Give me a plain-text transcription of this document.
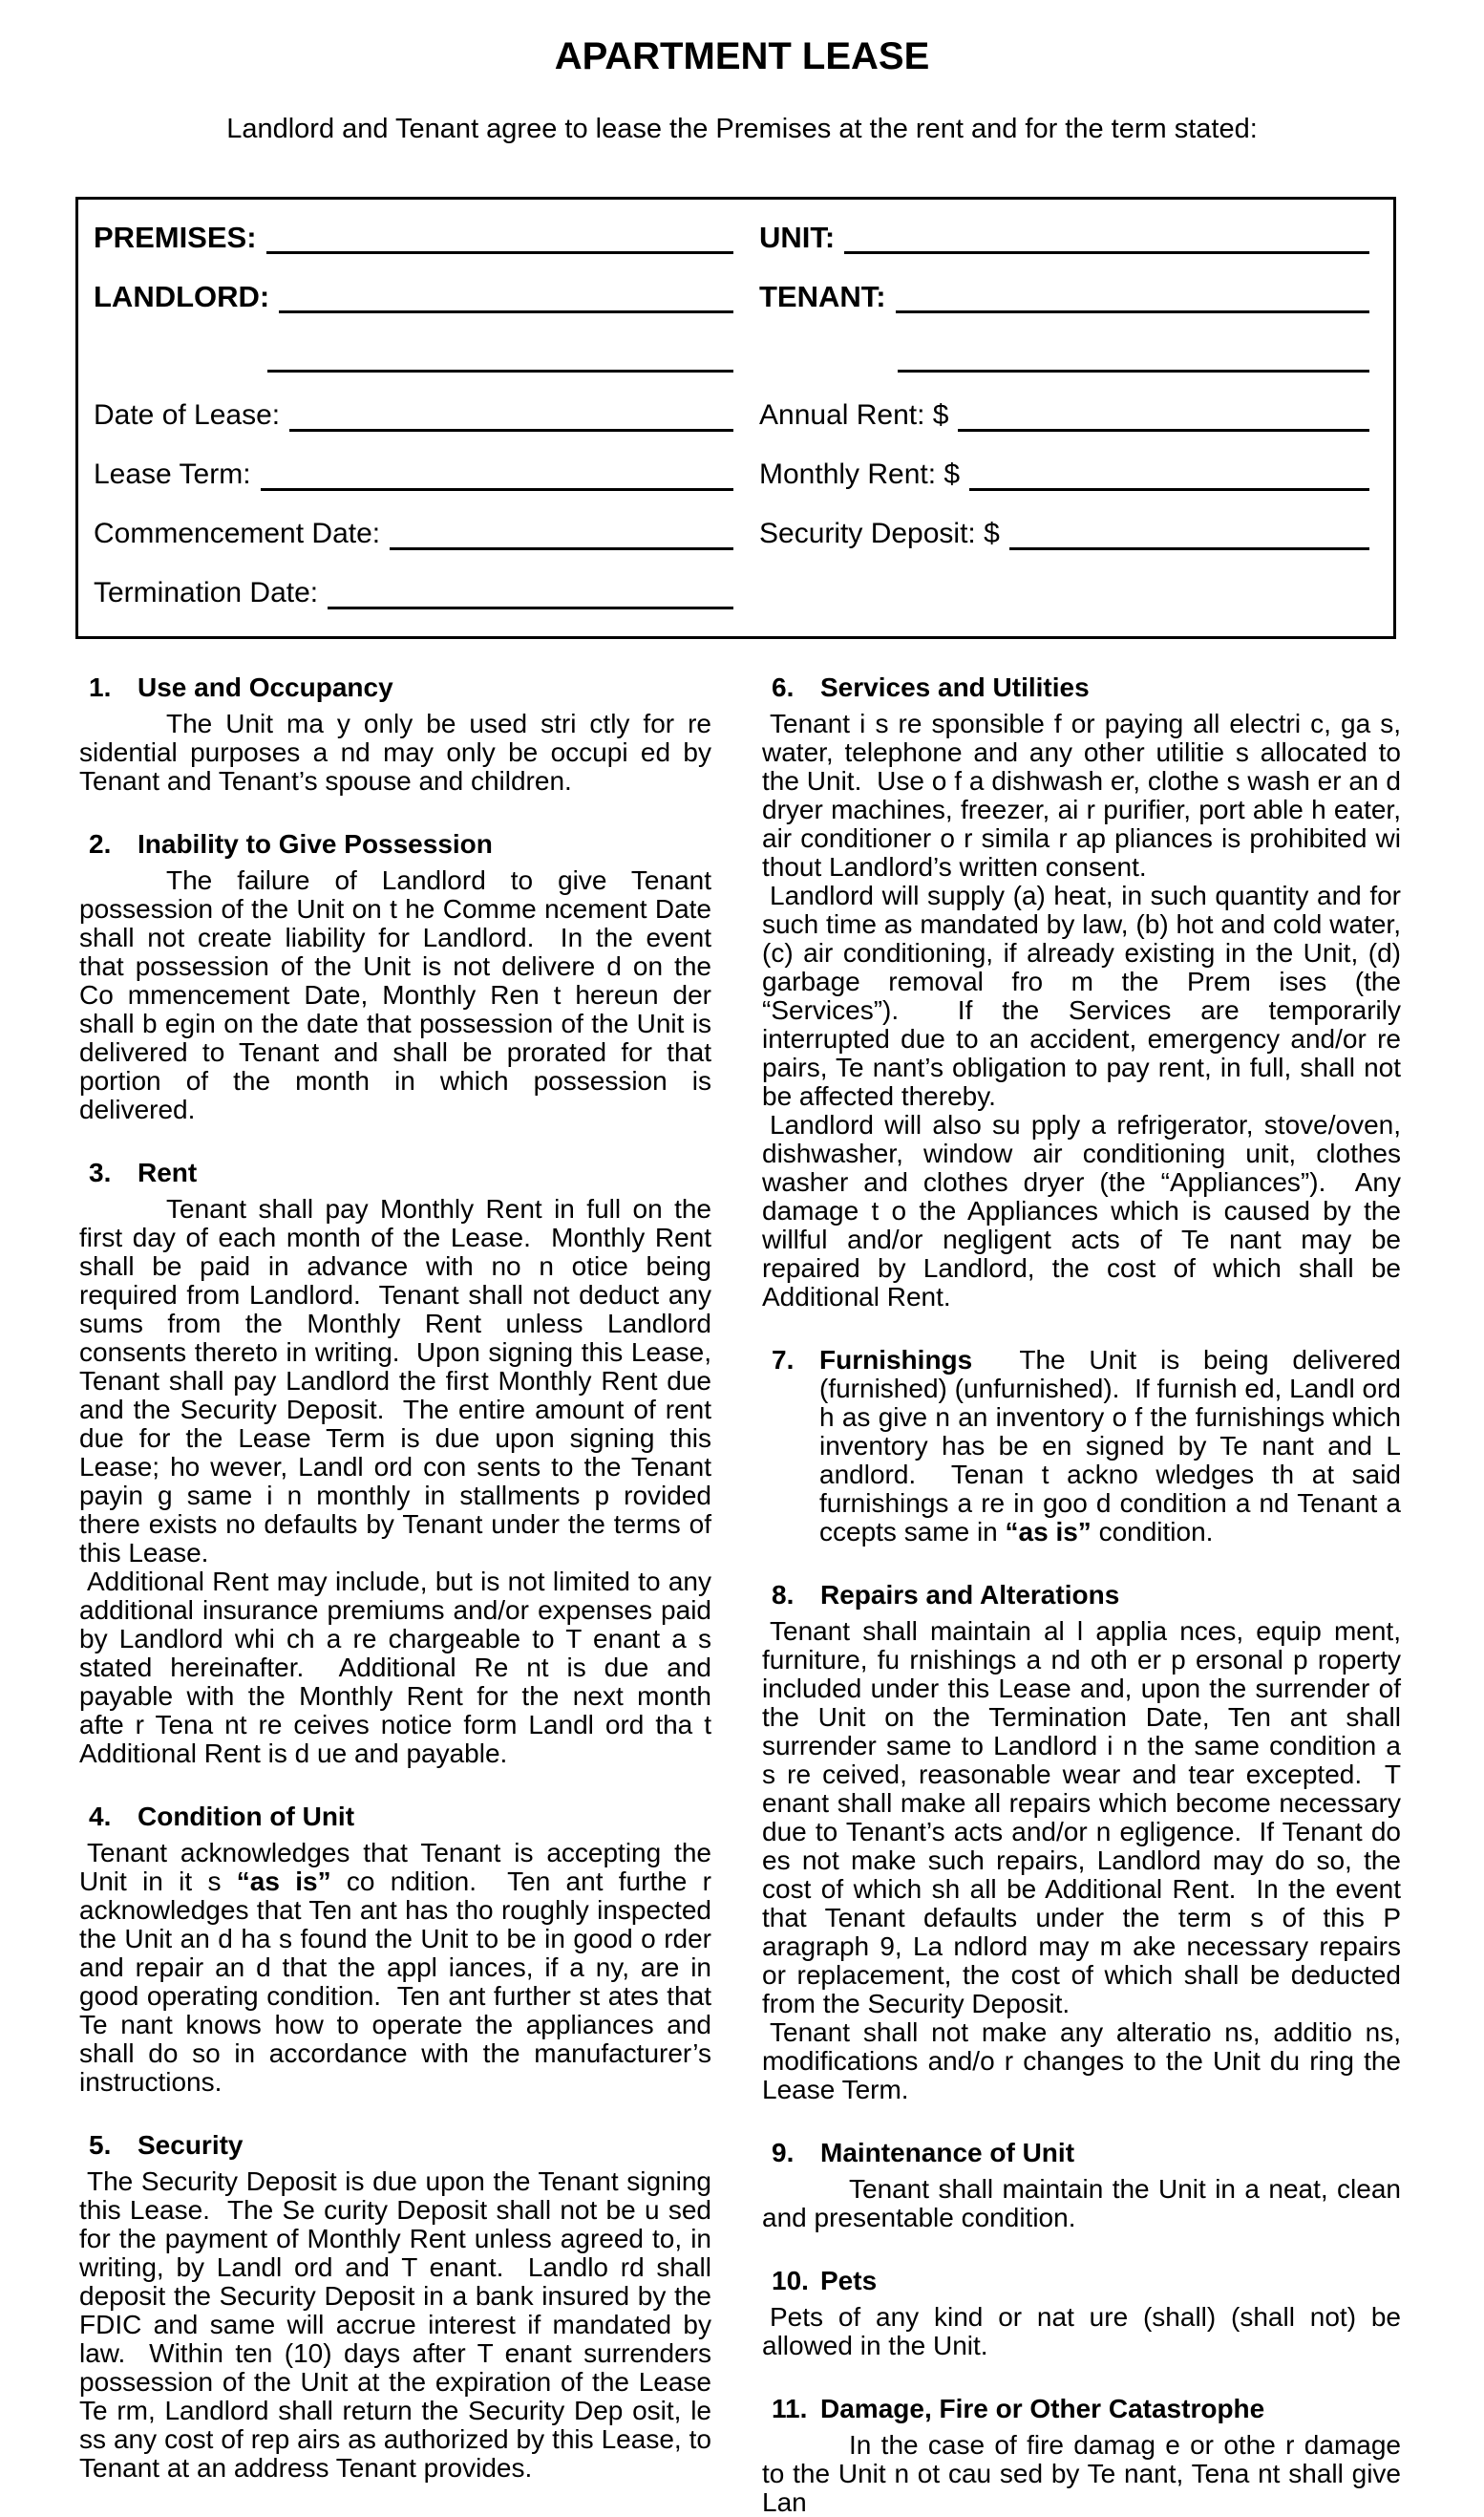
APARTMENT LEASE

Landlord and Tenant agree to lease the Premises at the rent and for the term stated:

PREMISES:	UNIT:
LANDLORD:	TENANT:
Date of Lease:	Annual Rent: $
Lease Term:	Monthly Rent: $
Commencement Date:	Security Deposit: $
Termination Date:
1. Use and Occupancy

The Unit ma y only be used stri ctly for re sidential purposes a nd may only be occupi ed by Tenant and Tenant’s spouse and children.

2. Inability to Give Possession

The failure of Landlord to give Tenant possession of the Unit on t he Comme ncement Date shall not create liability for Landlord.  In the event that possession of the Unit is not delivere d on the Co mmencement Date, Monthly Ren t hereun der shall b egin on the date that possession of the Unit is delivered to Tenant and shall be prorated for that portion of the month in which possession is delivered.

3. Rent

Tenant shall pay Monthly Rent in full on the first day of each month of the Lease.  Monthly Rent shall be paid in advance with no n otice being required from Landlord.  Tenant shall not deduct any sums from the Monthly Rent unless Landlord consents thereto in writing.  Upon signing this Lease, Tenant shall pay Landlord the first Monthly Rent due and the Security Deposit.  The entire amount of rent due for the Lease Term is due upon signing this Lease; ho wever, Landl ord con sents to the Tenant payin g same i n monthly in stallments p rovided there exists no defaults by Tenant under the terms of this Lease.

Additional Rent may include, but is not limited to any additional insurance premiums and/or expenses paid by Landlord whi ch a re chargeable to T enant a s stated hereinafter.  Additional Re nt is due and payable with the Monthly Rent for the next month afte r Tena nt re ceives notice form Landl ord tha t Additional Rent is d ue and payable.

4. Condition of Unit

Tenant acknowledges that Tenant is accepting the Unit in it s “as is” co ndition.  Ten ant furthe r acknowledges that Ten ant has tho roughly inspected the Unit an d ha s found the Unit to be in good o rder and repair an d that the appl iances, if a ny, are in good operating condition.  Ten ant further st ates that Te nant knows how to operate the appliances and shall do so in accordance with the manufacturer’s instructions.

5. Security

The Security Deposit is due upon the Tenant signing this Lease.  The Se curity Deposit shall not be u sed for the payment of Monthly Rent unless agreed to, in writing, by Landl ord and T enant.  Landlo rd shall deposit the Security Deposit in a bank insured by the FDIC and same will accrue interest if mandated by law.  Within ten (10) days after T enant surrenders possession of the Unit at the expiration of the Lease Te rm, Landlord shall return the Security Dep osit, le ss any cost of rep airs as authorized by this Lease, to Tenant at an address Tenant provides.

6. Services and Utilities

Tenant i s re sponsible f or paying all electri c, ga s, water, telephone and any other utilitie s allocated to the Unit.  Use o f a dishwash er, clothe s wash er an d dryer machines, freezer, ai r purifier, port able h eater, air conditioner o r simila r ap pliances is prohibited wi thout Landlord’s written consent.

Landlord will supply (a) heat, in such quantity and for such time as mandated by law, (b) hot and cold water, (c) air conditioning, if already existing in the Unit, (d) garbage removal fro m the Prem ises (the “Services”).  If the Services are temporarily interrupted due to an accident, emergency and/or re pairs, Te nant’s obligation to pay rent, in full, shall not be affected thereby.

Landlord will also su pply a refrigerator, stove/oven, dishwasher, window air conditioning unit, clothes washer and clothes dryer (the “Appliances”).  Any damage t o the Appliances which is caused by the willful and/or negligent acts of Te nant may be repaired by Landlord, the cost of which shall be Additional Rent.

7. Furnishings  The Unit is being delivered (furnished) (unfurnished).  If furnish ed, Landl ord h as give n an inventory o f the furnishings which inventory has be en signed by Te nant and L andlord.  Tenan t ackno wledges th at said furnishings a re in goo d condition a nd Tenant a ccepts same in “as is” condition.

8. Repairs and Alterations

Tenant shall maintain al l applia nces, equip ment, furniture, fu rnishings a nd oth er p ersonal p roperty included under this Lease and, upon the surrender of the Unit on the Termination Date, Ten ant shall surrender same to Landlord i n the same condition a s re ceived, reasonable wear and tear excepted.  T enant shall make all repairs which become necessary due to Tenant’s acts and/or n egligence.  If Tenant do es not make such repairs, Landlord may do so, the cost of which sh all be Additional Rent.  In the event that Tenant defaults under the term s of this P aragraph 9, La ndlord may m ake necessary repairs or replacement, the cost of which shall be deducted from the Security Deposit.

Tenant shall not make any alteratio ns, additio ns, modifications and/o r changes to the Unit du ring the Lease Term.

9. Maintenance of Unit

Tenant shall maintain the Unit in a neat, clean and presentable condition.

10. Pets

Pets of any kind or nat ure (shall) (shall not) be allowed in the Unit.

11. Damage, Fire or Other Catastrophe

In the case of fire damag e or othe r damage to the Unit n ot cau sed by Te nant, Tena nt shall give Lan
